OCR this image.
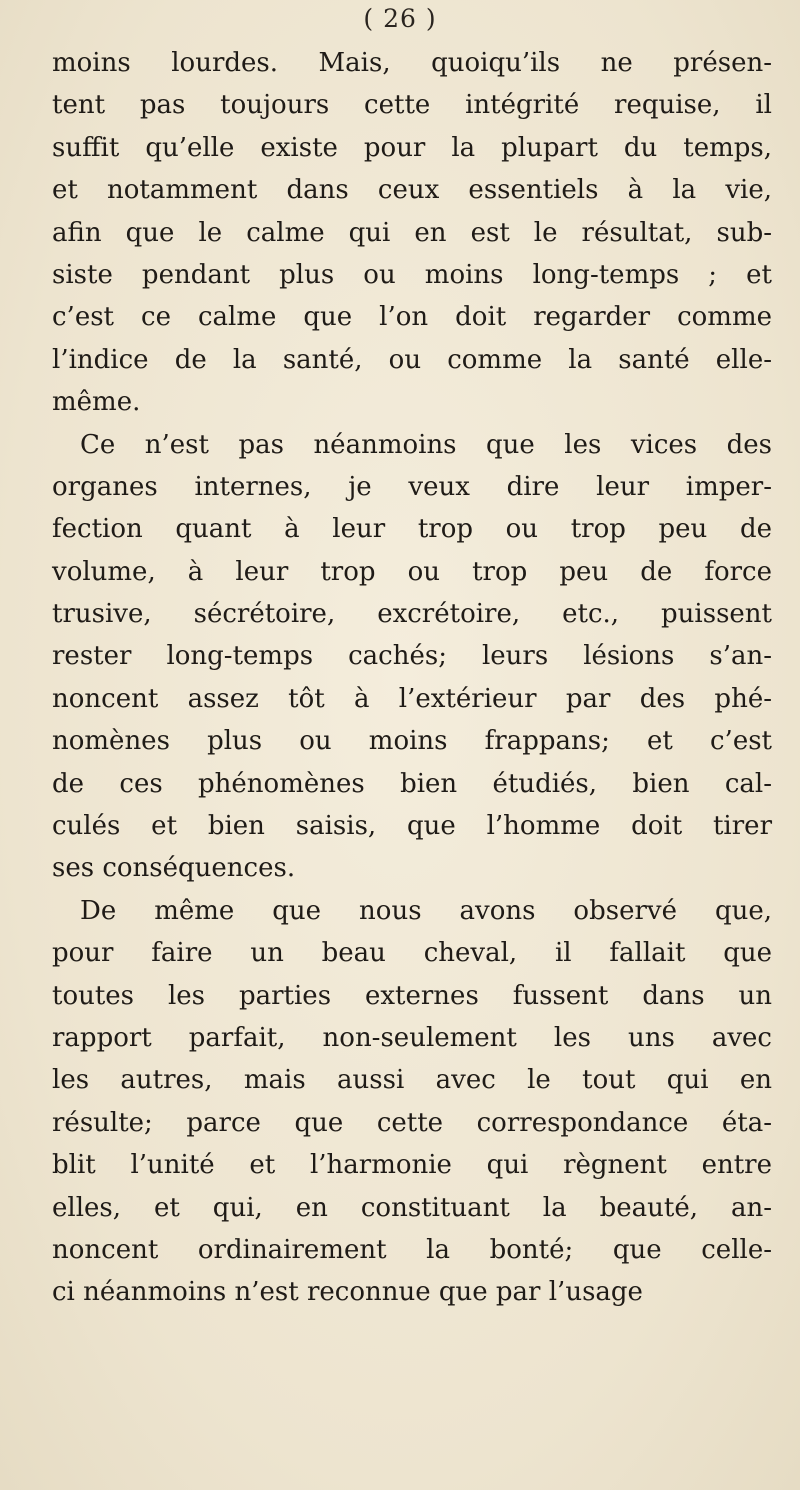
( 26 )
moins lourdes. Mais, quoiqu’ils ne présen-
tent pas toujours cette intégrité requise, il
suffit qu’elle existe pour la plupart du temps,
et notamment dans ceux essentiels à la vie,
afin que le calme qui en est le résultat, sub-
siste pendant plus ou moins long-temps ; et
c’est ce calme que l’on doit regarder comme
l’indice de la santé, ou comme la santé elle-
même.
Ce n’est pas néanmoins que les vices des
organes internes, je veux dire leur imper-
fection quant à leur trop ou trop peu de
volume, à leur trop ou trop peu de force
trusive, sécrétoire, excrétoire, etc., puissent
rester long-temps cachés; leurs lésions s’an-
noncent assez tôt à l’extérieur par des phé-
nomènes plus ou moins frappans; et c’est
de ces phénomènes bien étudiés, bien cal-
culés et bien saisis, que l’homme doit tirer
ses conséquences.
De même que nous avons observé que,
pour faire un beau cheval, il fallait que
toutes les parties externes fussent dans un
rapport parfait, non-seulement les uns avec
les autres, mais aussi avec le tout qui en
résulte; parce que cette correspondance éta-
blit l’unité et l’harmonie qui règnent entre
elles, et qui, en constituant la beauté, an-
noncent ordinairement la bonté; que celle-
ci néanmoins n’est reconnue que par l’usage
